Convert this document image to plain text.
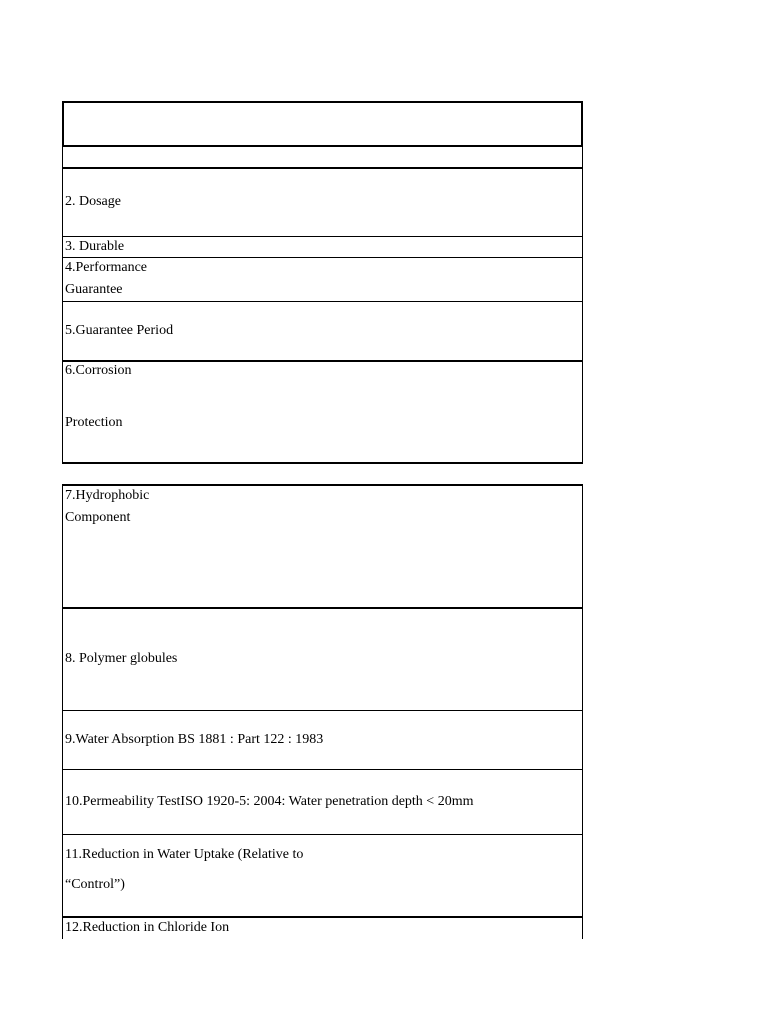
2. Dosage
3. Durable
4.Performance
Guarantee
5.Guarantee Period
6.Corrosion
Protection
7.Hydrophobic
Component
8. Polymer globules
9.Water Absorption BS 1881 : Part 122 : 1983
10.Permeability TestISO 1920-5: 2004: Water penetration depth < 20mm
11.Reduction in Water Uptake (Relative to
“Control”)
12.Reduction in Chloride Ion
